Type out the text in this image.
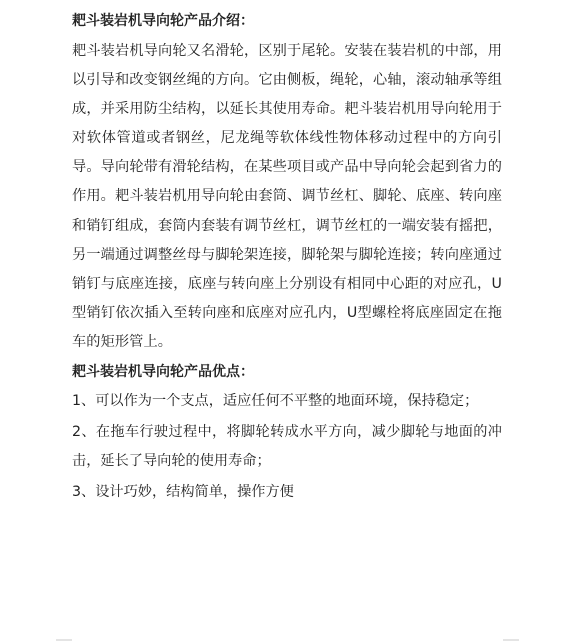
耙斗装岩机导向轮产品介绍：

耙斗装岩机导向轮又名滑轮，区别于尾轮。安装在装岩机的中部，用以引导和改变钢丝绳的方向。它由侧板，绳轮，心轴，滚动轴承等组成，并采用防尘结构，以延长其使用寿命。耙斗装岩机用导向轮用于对软体管道或者钢丝，尼龙绳等软体线性物体移动过程中的方向引导。导向轮带有滑轮结构，在某些项目或产品中导向轮会起到省力的作用。耙斗装岩机用导向轮由套筒、调节丝杠、脚轮、底座、转向座和销钉组成，套筒内套装有调节丝杠，调节丝杠的一端安装有摇把，另一端通过调整丝母与脚轮架连接，脚轮架与脚轮连接；转向座通过销钉与底座连接，底座与转向座上分别设有相同中心距的对应孔，U型销钉依次插入至转向座和底座对应孔内，U型螺栓将底座固定在拖车的矩形管上。

耙斗装岩机导向轮产品优点：

1、可以作为一个支点，适应任何不平整的地面环境，保持稳定；
2、在拖车行驶过程中，将脚轮转成水平方向，减少脚轮与地面的冲击，延长了导向轮的使用寿命；
3、设计巧妙，结构简单，操作方便
